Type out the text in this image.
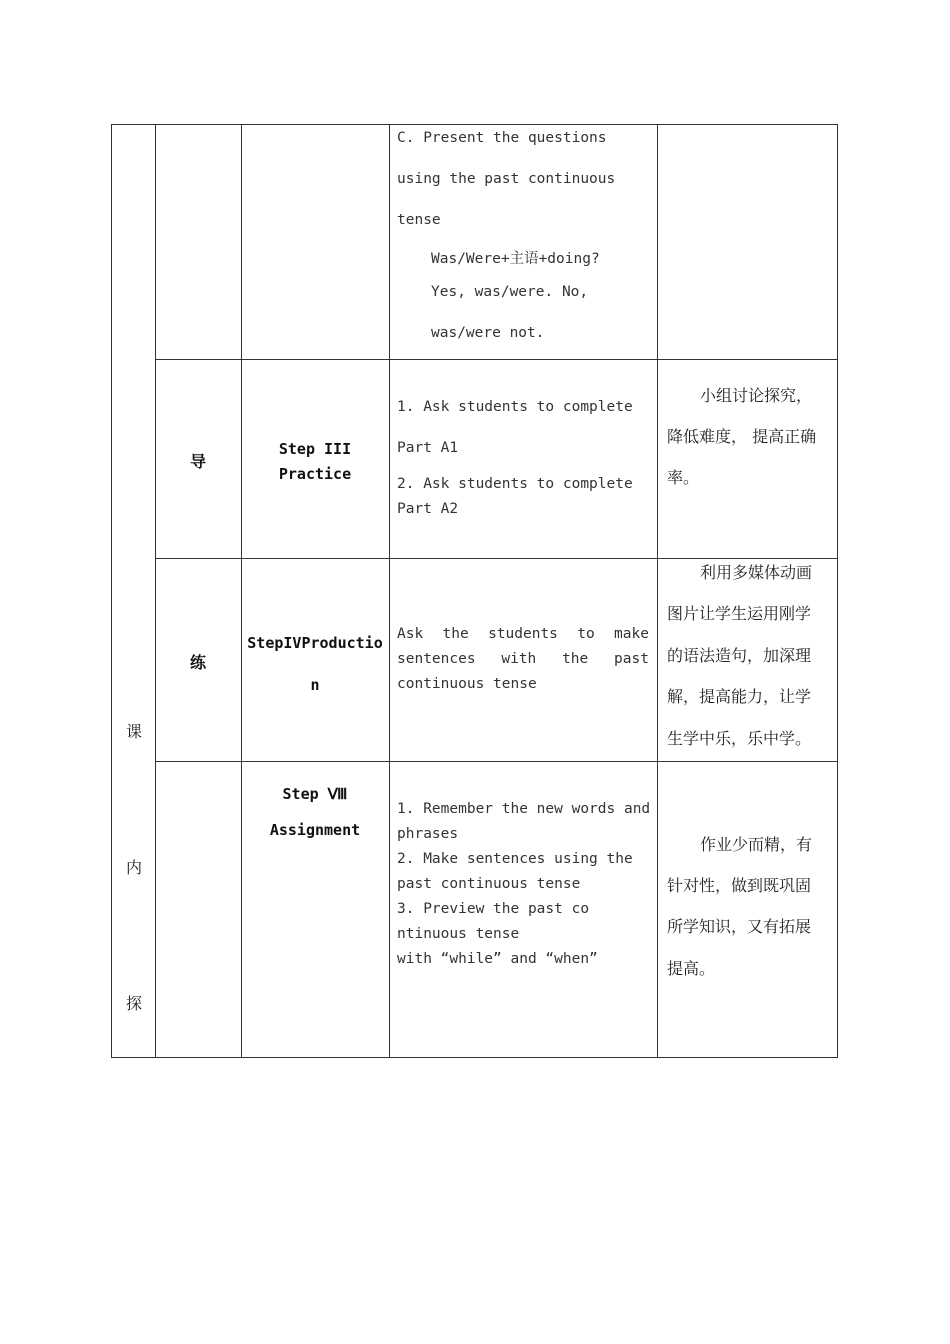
课
内
探
C. Present the questions
using the past continuous
tense
Was/Were+主语+doing?
Yes, was/were. No,
was/were not.
导
Step III
Practice
1. Ask students to complete
Part A1
2. Ask students to complete
Part A2
小组讨论探究，
降低难度， 提高正确
率。
练
StepIVProductio
n
Ask the students to make
sentences with the past
continuous tense
利用多媒体动画
图片让学生运用刚学
的语法造句，加深理
解，提高能力，让学
生学中乐，乐中学。
Step Ⅷ
Assignment
1. Remember the new words and
phrases
2. Make sentences using the
past continuous tense
3. Preview the past co
ntinuous tense
with “while” and “when”
作业少而精，有
针对性，做到既巩固
所学知识，又有拓展
提高。
